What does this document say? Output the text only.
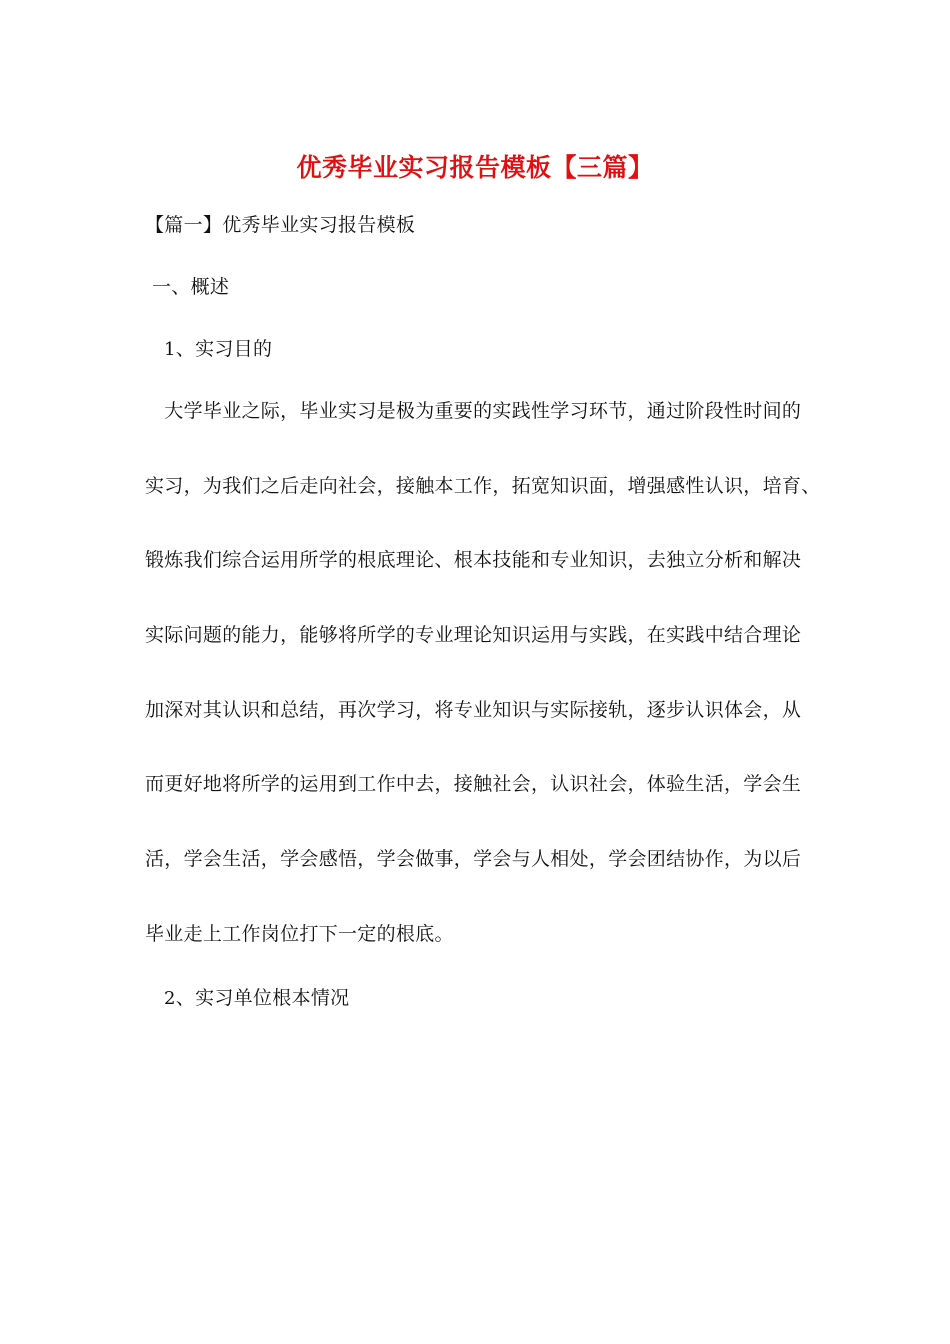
优秀毕业实习报告模板【三篇】
【篇一】优秀毕业实习报告模板
一、概述
1、实习目的
　大学毕业之际，毕业实习是极为重要的实践性学习环节，通过阶段性时间的
实习，为我们之后走向社会，接触本工作，拓宽知识面，增强感性认识，培育、
锻炼我们综合运用所学的根底理论、根本技能和专业知识，去独立分析和解决
实际问题的能力，能够将所学的专业理论知识运用与实践，在实践中结合理论
加深对其认识和总结，再次学习，将专业知识与实际接轨，逐步认识体会，从
而更好地将所学的运用到工作中去，接触社会，认识社会，体验生活，学会生
活，学会生活，学会感悟，学会做事，学会与人相处，学会团结协作，为以后
毕业走上工作岗位打下一定的根底。
2、实习单位根本情况
